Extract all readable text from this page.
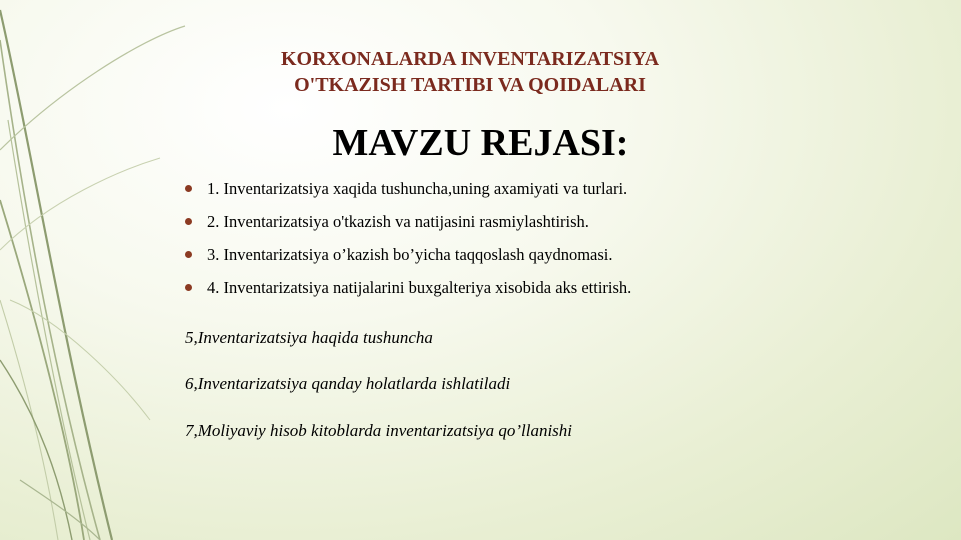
KORXONALARDA INVENTARIZATSIYA
O'TKAZISH TARTIBI VA QOIDALARI
MAVZU REJASI:
1. Inventarizatsiya xaqida tushuncha,uning axamiyati va turlari.
2. Inventarizatsiya o'tkazish va natijasini rasmiylashtirish.
3. Inventarizatsiya o’kazish bo’yicha taqqoslash qaydnomasi.
4. Inventarizatsiya natijalarini buxgalteriya xisobida aks ettirish.
5,Inventarizatsiya haqida tushuncha
6,Inventarizatsiya qanday holatlarda ishlatiladi
7,Moliyaviy hisob kitoblarda inventarizatsiya qo’llanishi
